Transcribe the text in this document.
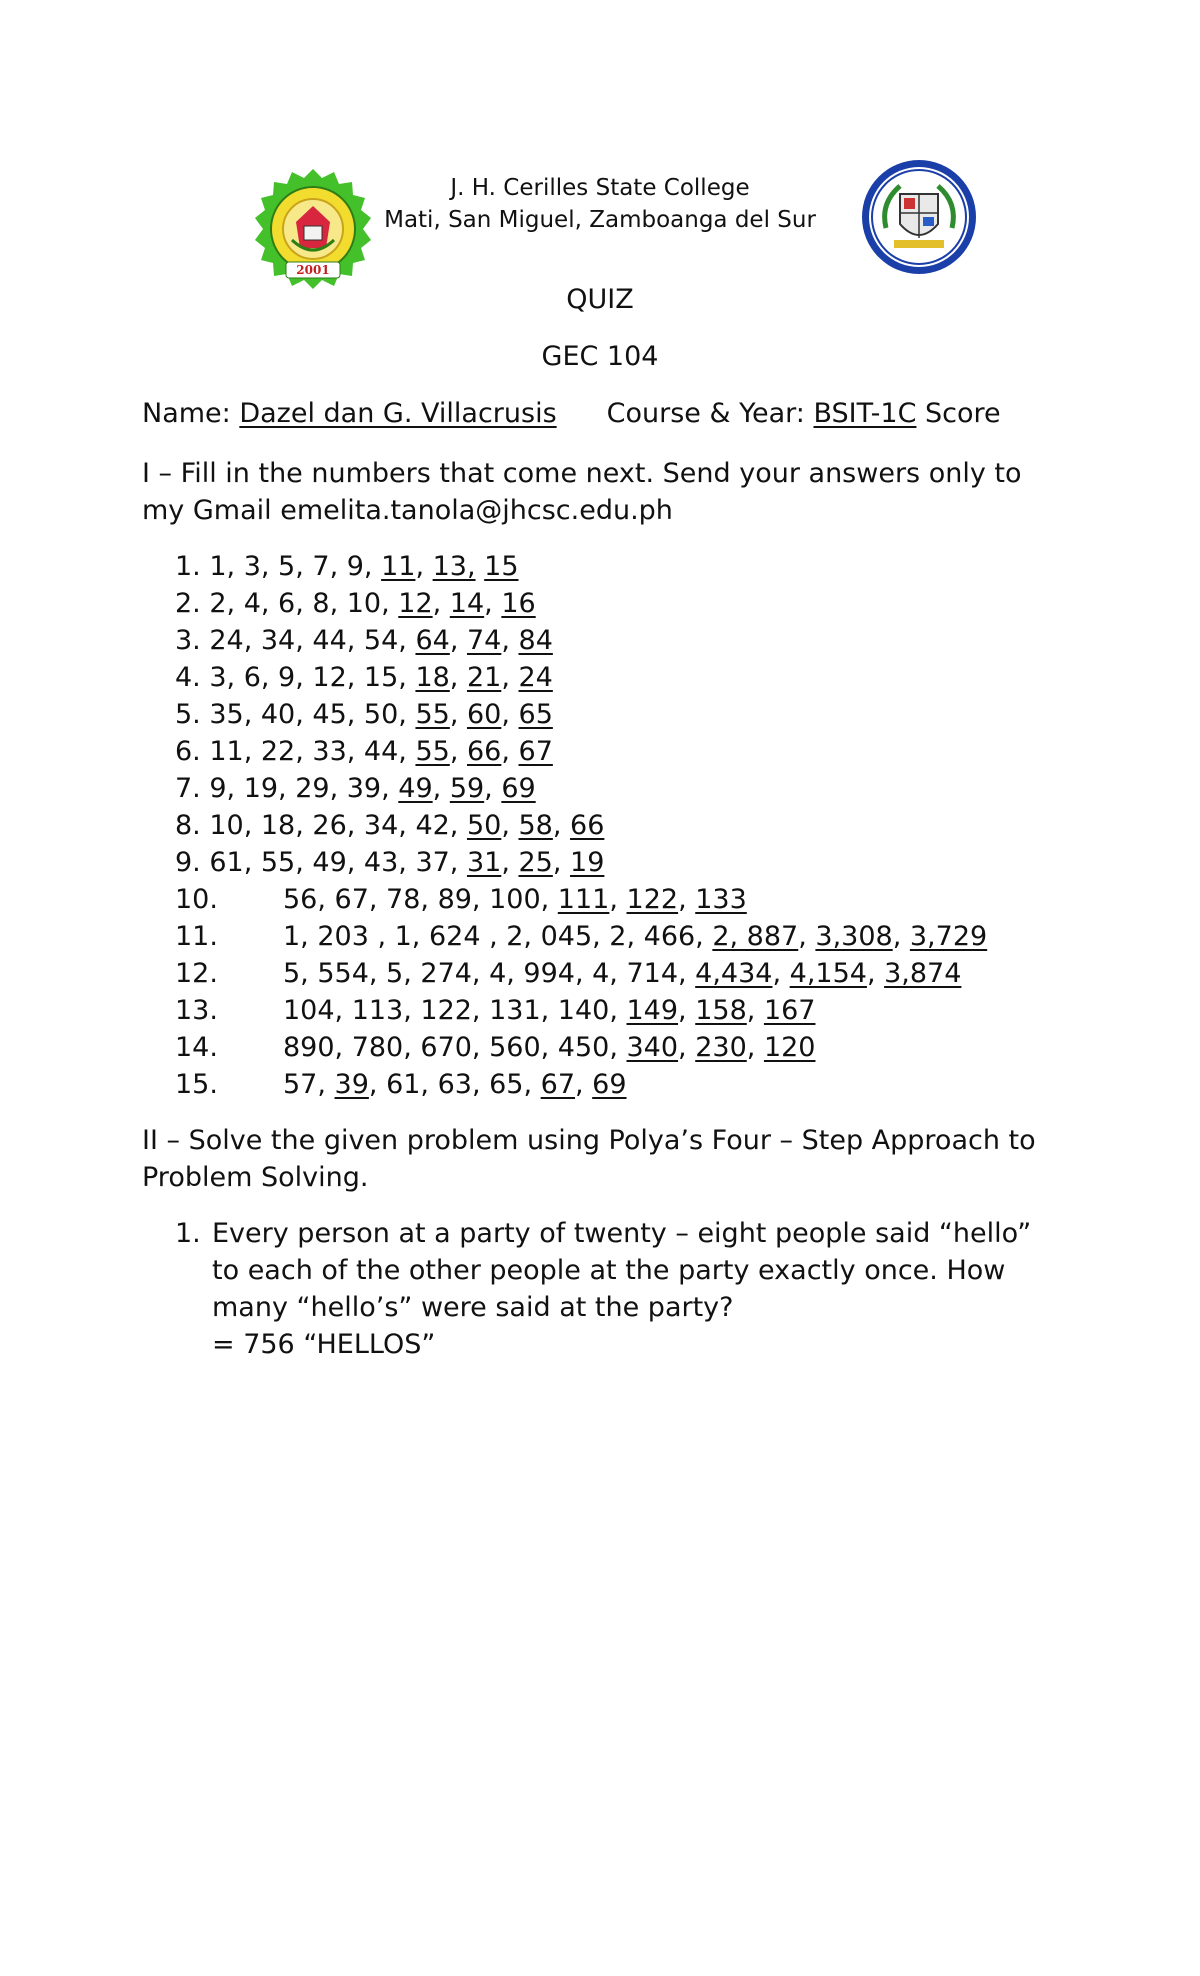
2001
J. H. Cerilles State College
Mati, San Miguel, Zamboanga del Sur
QUIZ
GEC 104
Name: Dazel dan G. Villacrusis Course & Year: BSIT-1C Score
I – Fill in the numbers that come next. Send your answers only to
my Gmail emelita.tanola@jhcsc.edu.ph
1. 1, 3, 5, 7, 9, 11, 13, 15
2. 2, 4, 6, 8, 10, 12, 14, 16
3. 24, 34, 44, 54, 64, 74, 84
4. 3, 6, 9, 12, 15, 18, 21, 24
5. 35, 40, 45, 50, 55, 60, 65
6. 11, 22, 33, 44, 55, 66, 67
7. 9, 19, 29, 39, 49, 59, 69
8. 10, 18, 26, 34, 42, 50, 58, 66
9. 61, 55, 49, 43, 37, 31, 25, 19
10. 56, 67, 78, 89, 100, 111, 122, 133
11. 1, 203 , 1, 624 , 2, 045, 2, 466, 2, 887, 3,308, 3,729
12. 5, 554, 5, 274, 4, 994, 4, 714, 4,434, 4,154, 3,874
13. 104, 113, 122, 131, 140, 149, 158, 167
14. 890, 780, 670, 560, 450, 340, 230, 120
15. 57, 39, 61, 63, 65, 67, 69
II – Solve the given problem using Polya’s Four – Step Approach to
Problem Solving.
1. Every person at a party of twenty – eight people said “hello”
to each of the other people at the party exactly once. How
many “hello’s” were said at the party?
= 756 “HELLOS”
